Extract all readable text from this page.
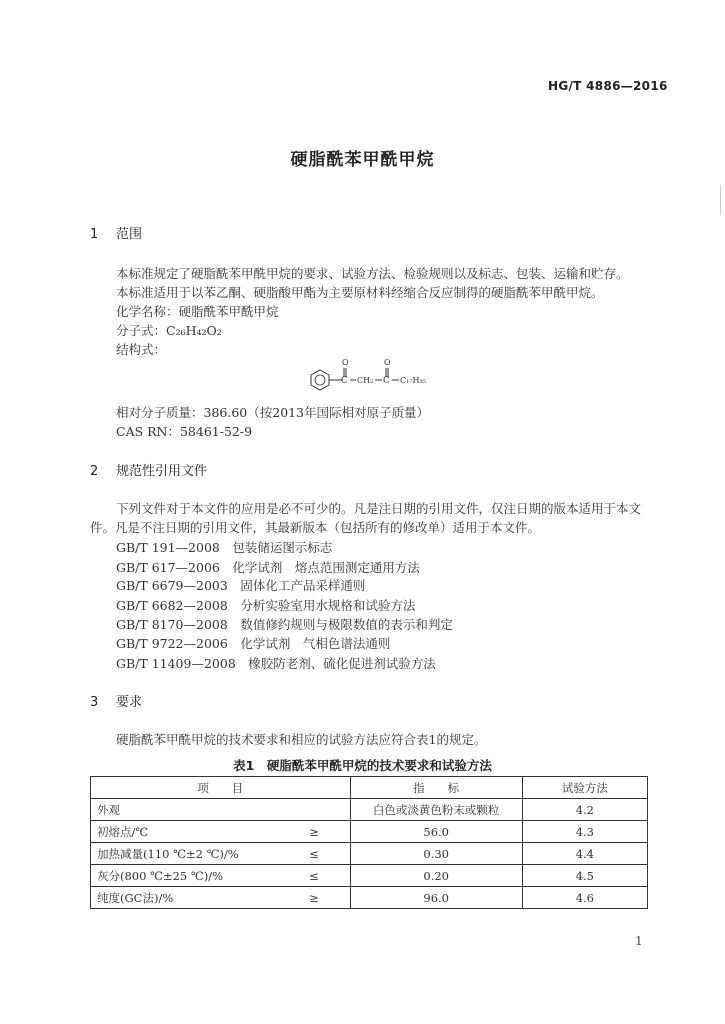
HG/T 4886—2016
硬脂酰苯甲酰甲烷
1 范围
本标准规定了硬脂酰苯甲酰甲烷的要求、试验方法、检验规则以及标志、包装、运输和贮存。
本标准适用于以苯乙酮、硬脂酸甲酯为主要原材料经缩合反应制得的硬脂酰苯甲酰甲烷。
化学名称：硬脂酰苯甲酰甲烷
分子式：C₂₆H₄₂O₂
结构式：
O
C CH₂
O
C C₁₇H₃₅
相对分子质量：386.60（按2013年国际相对原子质量）
CAS RN：58461-52-9
2 规范性引用文件
下列文件对于本文件的应用是必不可少的。凡是注日期的引用文件，仅注日期的版本适用于本文
件。凡是不注日期的引用文件，其最新版本（包括所有的修改单）适用于本文件。
GB/T 191—2008　包装储运图示标志
GB/T 617—2006　化学试剂　熔点范围测定通用方法
GB/T 6679—2003　固体化工产品采样通则
GB/T 6682—2008　分析实验室用水规格和试验方法
GB/T 8170—2008　数值修约规则与极限数值的表示和判定
GB/T 9722—2006　化学试剂　气相色谱法通则
GB/T 11409—2008　橡胶防老剂、硫化促进剂试验方法
3 要求
硬脂酰苯甲酰甲烷的技术要求和相应的试验方法应符合表1的规定。
表1　硬脂酰苯甲酰甲烷的技术要求和试验方法
项　　目		指　　标	试验方法
外观		白色或淡黄色粉末或颗粒	4.2
初熔点/℃	≥	56.0	4.3
加热减量(110 ℃±2 ℃)/%	≤	0.30	4.4
灰分(800 ℃±25 ℃)/%	≤	0.20	4.5
纯度(GC法)/%	≥	96.0	4.6
1
